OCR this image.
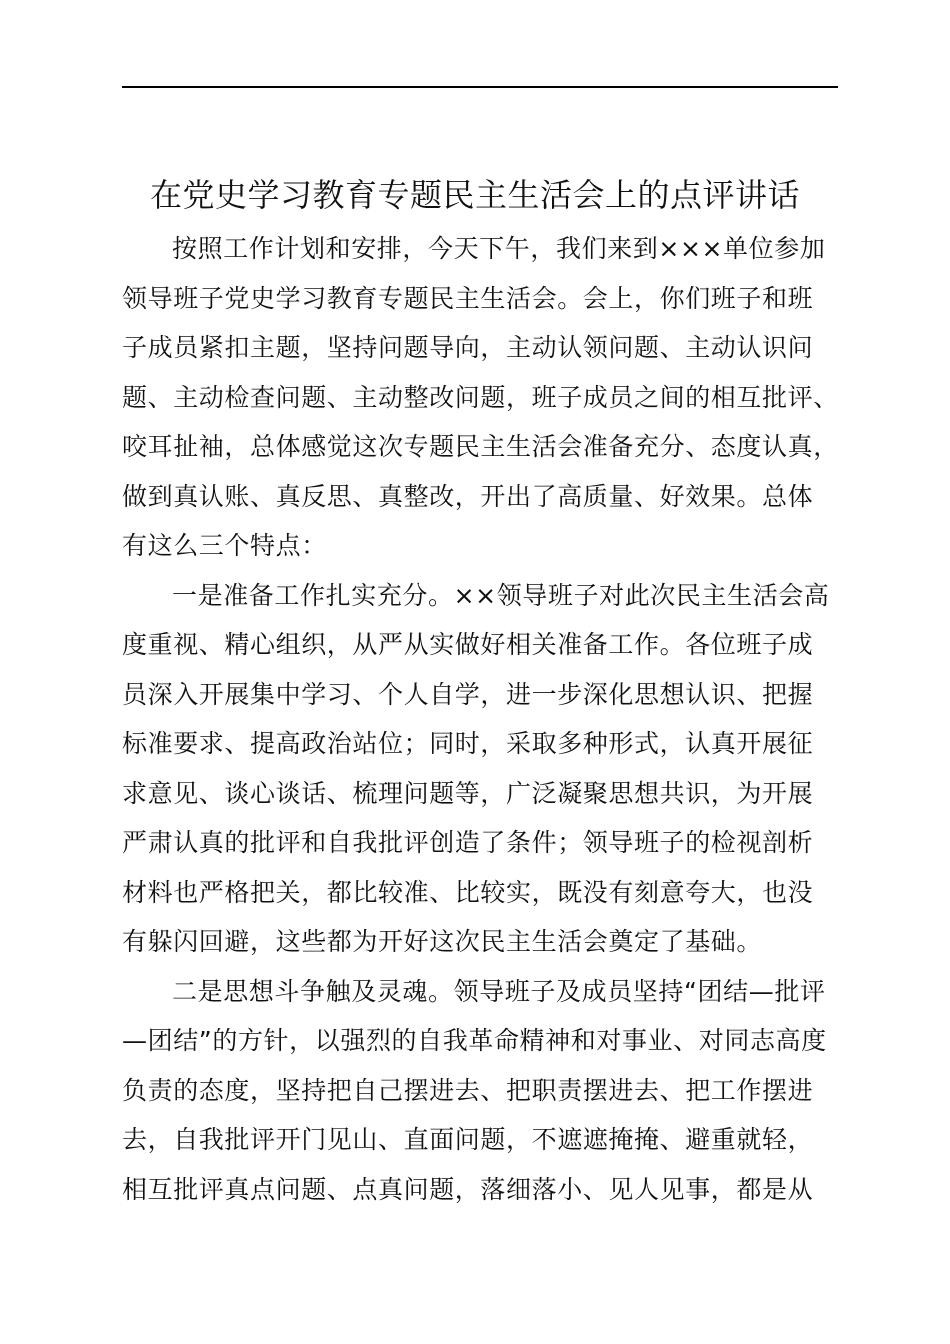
在党史学习教育专题民主生活会上的点评讲话
按照工作计划和安排，今天下午，我们来到×××单位参加
领导班子党史学习教育专题民主生活会。会上，你们班子和班
子成员紧扣主题，坚持问题导向，主动认领问题、主动认识问
题、主动检查问题、主动整改问题，班子成员之间的相互批评、
咬耳扯袖，总体感觉这次专题民主生活会准备充分、态度认真，
做到真认账、真反思、真整改，开出了高质量、好效果。总体
有这么三个特点：
一是准备工作扎实充分。××领导班子对此次民主生活会高
度重视、精心组织，从严从实做好相关准备工作。各位班子成
员深入开展集中学习、个人自学，进一步深化思想认识、把握
标准要求、提高政治站位；同时，采取多种形式，认真开展征
求意见、谈心谈话、梳理问题等，广泛凝聚思想共识，为开展
严肃认真的批评和自我批评创造了条件；领导班子的检视剖析
材料也严格把关，都比较准、比较实，既没有刻意夸大，也没
有躲闪回避，这些都为开好这次民主生活会奠定了基础。
二是思想斗争触及灵魂。领导班子及成员坚持“团结—批评
—团结”的方针，以强烈的自我革命精神和对事业、对同志高度
负责的态度，坚持把自己摆进去、把职责摆进去、把工作摆进
去，自我批评开门见山、直面问题，不遮遮掩掩、避重就轻，
相互批评真点问题、点真问题，落细落小、见人见事，都是从
